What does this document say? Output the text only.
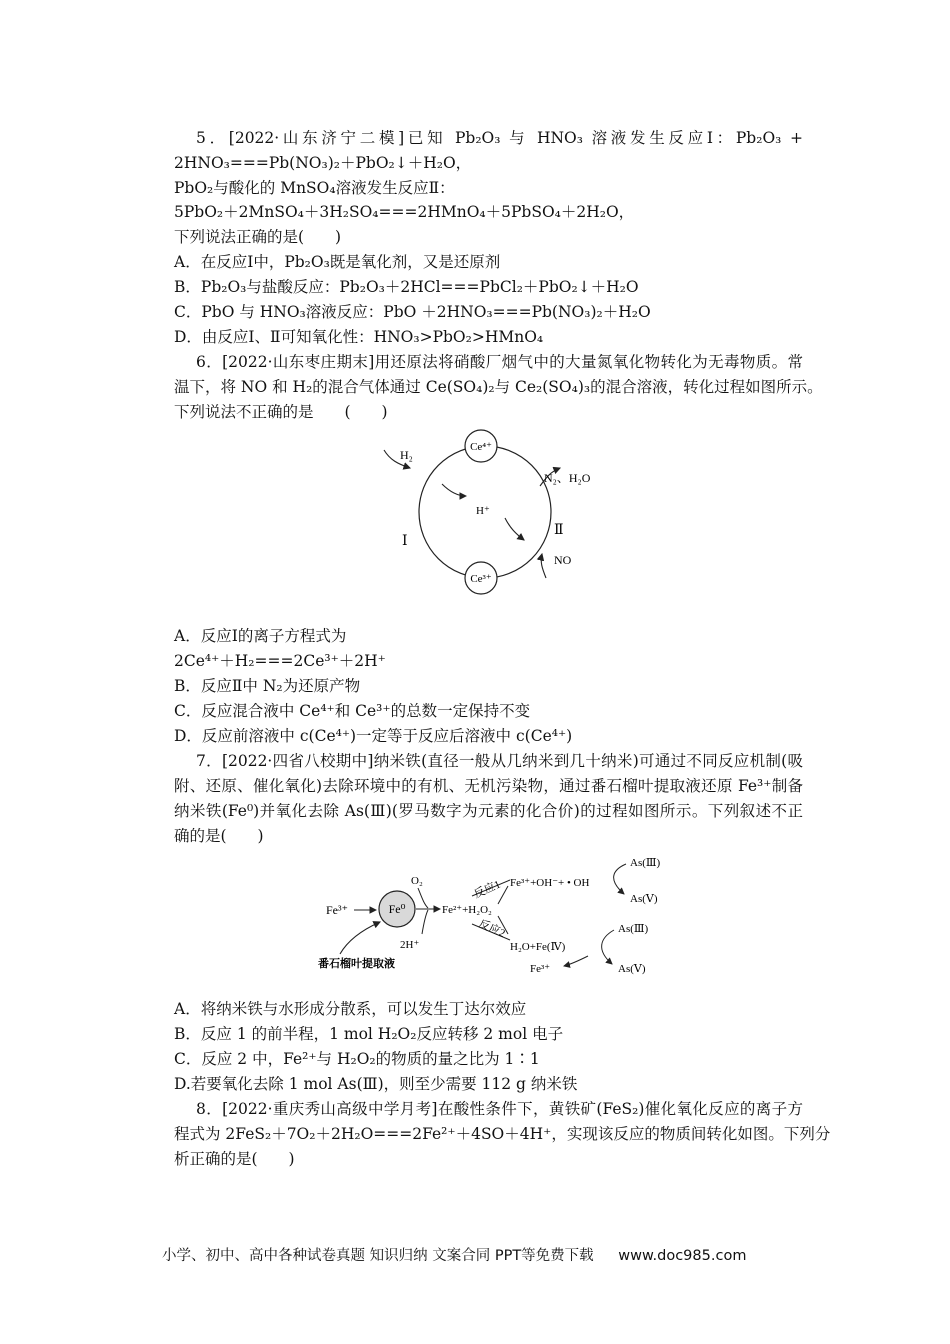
5．[2022·山东济宁二模]已知 Pb₂O₃ 与 HNO₃ 溶液发生反应Ⅰ：Pb₂O₃ +
2HNO₃===Pb(NO₃)₂＋PbO₂↓＋H₂O，
PbO₂与酸化的 MnSO₄溶液发生反应Ⅱ：
5PbO₂＋2MnSO₄＋3H₂SO₄===2HMnO₄＋5PbSO₄＋2H₂O，
下列说法正确的是(　　)
A．在反应Ⅰ中，Pb₂O₃既是氧化剂，又是还原剂
B．Pb₂O₃与盐酸反应：Pb₂O₃＋2HCl===PbCl₂＋PbO₂↓＋H₂O
C．PbO 与 HNO₃溶液反应：PbO ＋2HNO₃===Pb(NO₃)₂＋H₂O
D．由反应Ⅰ、Ⅱ可知氧化性：HNO₃>PbO₂>HMnO₄
6．[2022·山东枣庄期末]用还原法将硝酸厂烟气中的大量氮氧化物转化为无毒物质。常
温下，将 NO 和 H₂的混合气体通过 Ce(SO₄)₂与 Ce₂(SO₄)₃的混合溶液，转化过程如图所示。
下列说法不正确的是　　(　　)
Ce⁴⁺
Ce³⁺
H₂
H⁺
N₂、H₂O
NO
Ⅰ
Ⅱ
A．反应Ⅰ的离子方程式为
2Ce⁴⁺＋H₂===2Ce³⁺＋2H⁺
B．反应Ⅱ中 N₂为还原产物
C．反应混合液中 Ce⁴⁺和 Ce³⁺的总数一定保持不变
D．反应前溶液中 c(Ce⁴⁺)一定等于反应后溶液中 c(Ce⁴⁺)
7．[2022·四省八校期中]纳米铁(直径一般从几纳米到几十纳米)可通过不同反应机制(吸
附、还原、催化氧化)去除环境中的有机、无机污染物，通过番石榴叶提取液还原 Fe³⁺制备
纳米铁(Fe⁰)并氧化去除 As(Ⅲ)(罗马数字为元素的化合价)的过程如图所示。下列叙述不正
确的是(　　)
Fe³⁺	Fe⁰
番石榴叶提取液
O₂
2H⁺
Fe²⁺+H₂O₂
反应1
反应2
Fe³⁺+OH⁻+ • OH
H₂O+Fe(Ⅳ)
As(Ⅲ)
As(Ⅴ)
As(Ⅲ)
As(Ⅴ)
Fe³⁺
A．将纳米铁与水形成分散系，可以发生丁达尔效应
B．反应 1 的前半程，1 mol H₂O₂反应转移 2 mol 电子
C．反应 2 中，Fe²⁺与 H₂O₂的物质的量之比为 1∶1
D.若要氧化去除 1 mol As(Ⅲ)，则至少需要 112 g 纳米铁
8．[2022·重庆秀山高级中学月考]在酸性条件下，黄铁矿(FeS₂)催化氧化反应的离子方
程式为 2FeS₂＋7O₂＋2H₂O===2Fe²⁺＋4SO＋4H⁺，实现该反应的物质间转化如图。下列分
析正确的是(　　)
小学、初中、高中各种试卷真题 知识归纳 文案合同 PPT等免费下载 www.doc985.com
